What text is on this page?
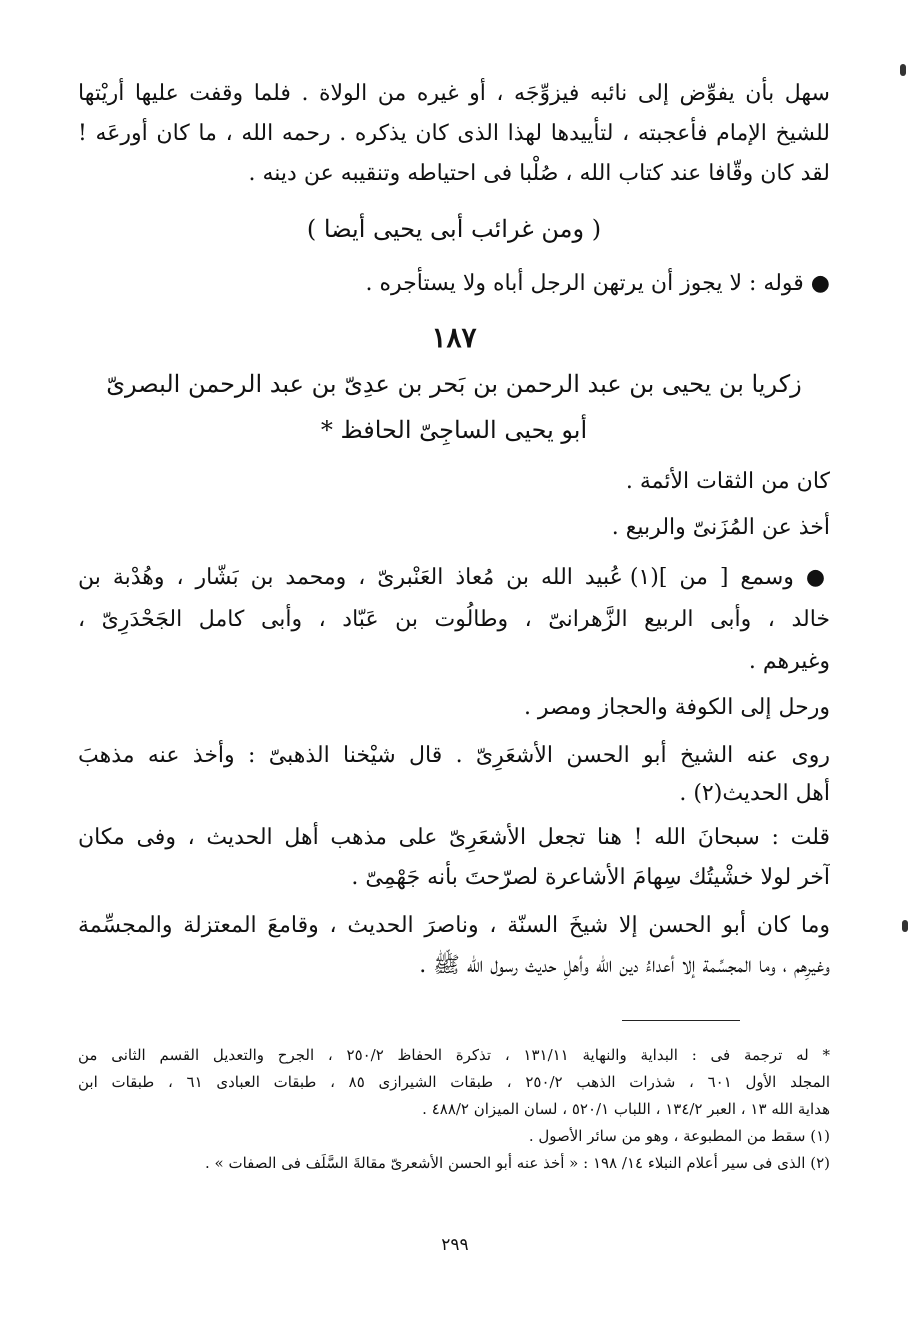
سهل بأن يفوِّض إلى نائبه فيزوِّجَه ، أو غيره من الولاة . فلما وقفت عليها أريْتها
للشيخ الإمام فأعجبته ، لتأييدها لهذا الذى كان يذكره . رحمه الله ، ما كان أورعَه !
لقد كان وقّافا عند كتاب الله ، صُلْبا فى احتياطه وتنقيبه عن دينه .
( ومن غرائب أبى يحيى أيضا )
● قوله : لا يجوز أن يرتهن الرجل أباه ولا يستأجره .
١٨٧
زكريا بن يحيى بن عبد الرحمن بن بَحر بن عدِىّ بن عبد الرحمن البصرىّ
أبو يحيى الساجِىّ الحافظ *
كان من الثقات الأئمة .
أخذ عن المُزَنىّ والربيع .
● وسمع [ من ](١) عُبيد الله بن مُعاذ العَنْبرىّ ، ومحمد بن بَشّار ، وهُدْبة بن
خالد ، وأبى الربيع الزَّهرانىّ ، وطالُوت بن عَبّاد ، وأبى كامل الجَحْدَرِىّ ،
وغيرهم .
ورحل إلى الكوفة والحجاز ومصر .
روى عنه الشيخ أبو الحسن الأشعَرِىّ . قال شيْخنا الذهبىّ : وأخذ عنه مذهبَ
أهل الحديث(٢) .
قلت : سبحانَ الله ! هنا تجعل الأشعَرِىّ على مذهب أهل الحديث ، وفى مكان
آخر لولا خشْيتُك سِهامَ الأشاعرة لصرّحتَ بأنه جَهْمِىّ .
وما كان أبو الحسن إلا شيخَ السنّة ، وناصرَ الحديث ، وقامعَ المعتزلة والمجسِّمة
وغيرِهم ، وما المجسِّمة إلا أعداءُ دين الله وأهلِ حديث رسول الله ﷺ .
* له ترجمة فى : البداية والنهاية ١٣١/١١ ، تذكرة الحفاظ ٢٥٠/٢ ، الجرح والتعديل القسم الثانى من
المجلد الأول ٦٠١ ، شذرات الذهب ٢٥٠/٢ ، طبقات الشيرازى ٨٥ ، طبقات العبادى ٦١ ، طبقات ابن
هداية الله ١٣ ، العبر ١٣٤/٢ ، اللباب ٥٢٠/١ ، لسان الميزان ٤٨٨/٢ .
(١) سقط من المطبوعة ، وهو من سائر الأصول .
(٢) الذى فى سير أعلام النبلاء ١٤/ ١٩٨ : « أخذ عنه أبو الحسن الأشعرىّ مقالةَ السَّلَف فى الصفات » .
٢٩٩
